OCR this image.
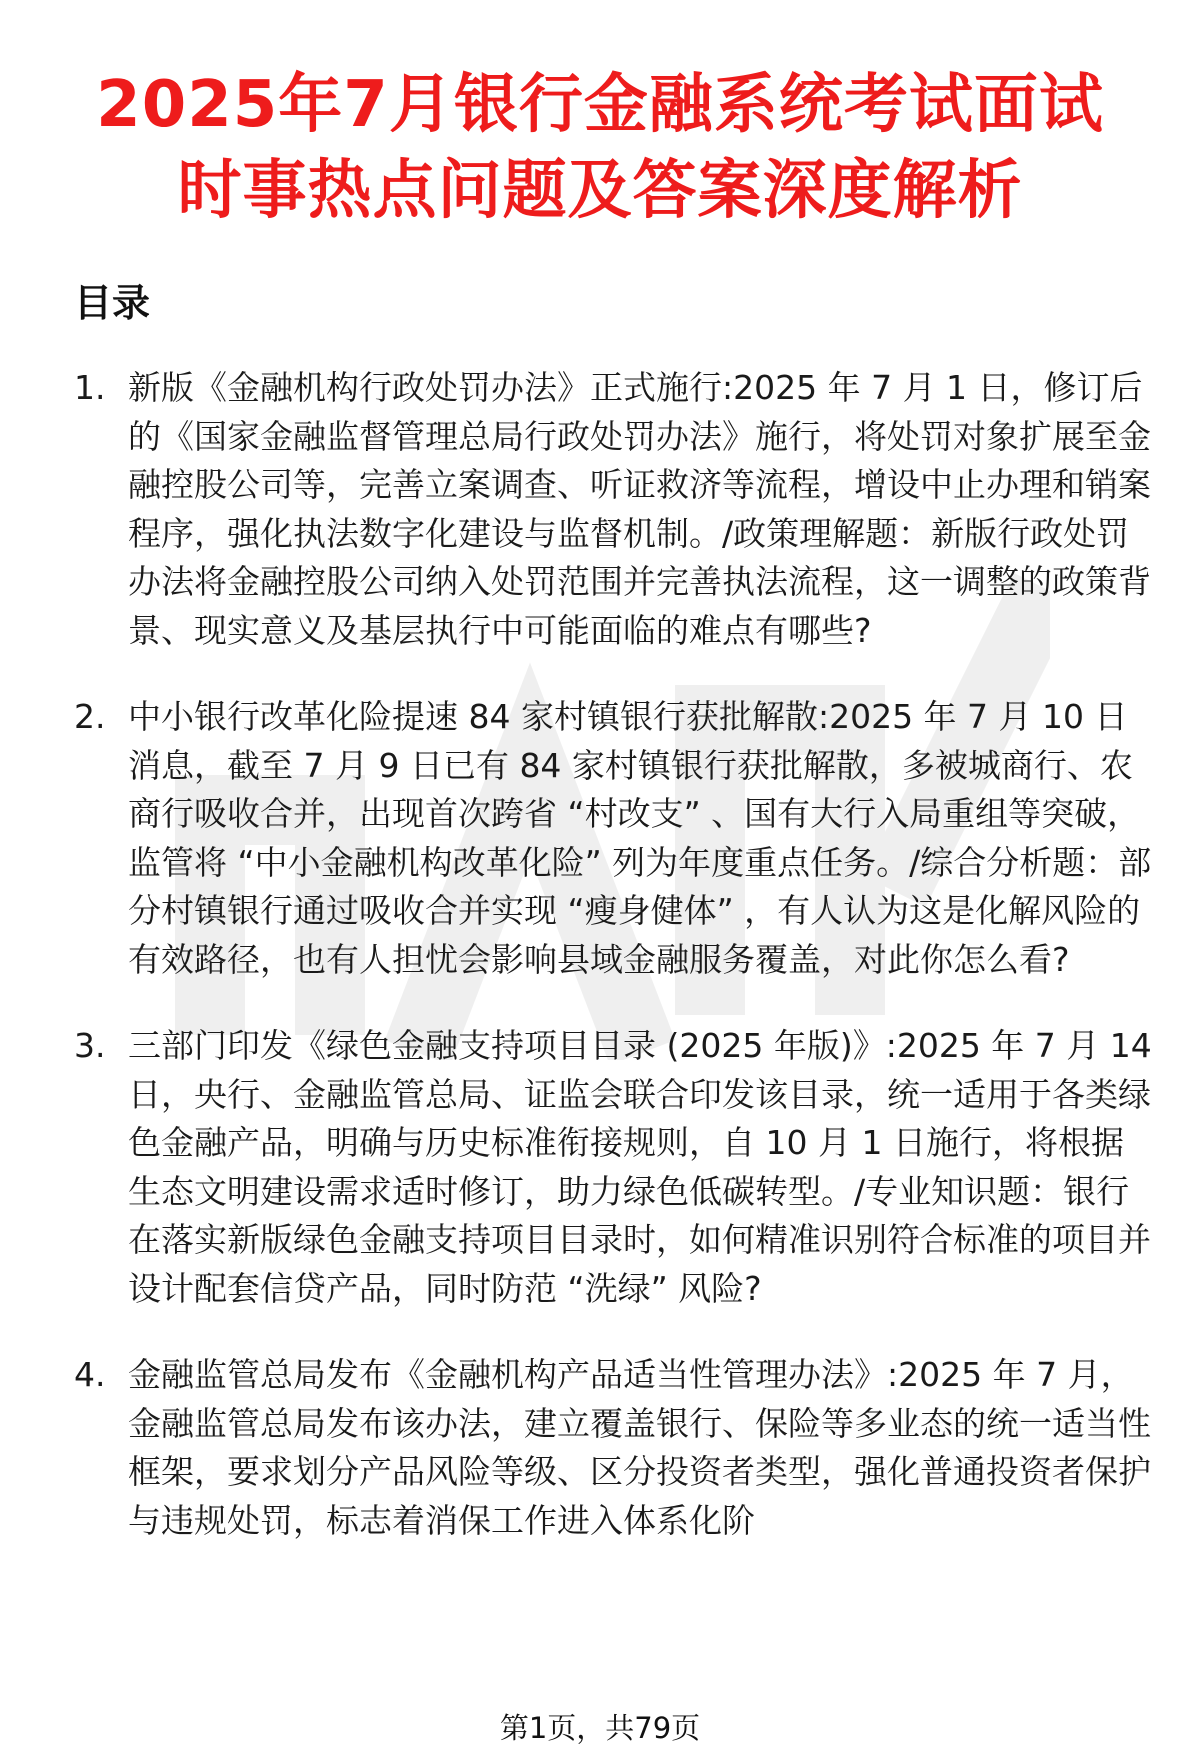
2025年7月银行金融系统考试面试
时事热点问题及答案深度解析
目录
1. 新版《金融机构行政处罚办法》正式施行:2025 年 7 月 1 日，修订后的《国家金融监督管理总局行政处罚办法》施行，将处罚对象扩展至金融控股公司等，完善立案调查、听证救济等流程，增设中止办理和销案程序，强化执法数字化建设与监督机制。/政策理解题：新版行政处罚办法将金融控股公司纳入处罚范围并完善执法流程，这一调整的政策背景、现实意义及基层执行中可能面临的难点有哪些?
2. 中小银行改革化险提速 84 家村镇银行获批解散:2025 年 7 月 10 日消息，截至 7 月 9 日已有 84 家村镇银行获批解散，多被城商行、农商行吸收合并，出现首次跨省 “村改支” 、国有大行入局重组等突破，监管将 “中小金融机构改革化险” 列为年度重点任务。/综合分析题：部分村镇银行通过吸收合并实现 “瘦身健体” ，有人认为这是化解风险的有效路径，也有人担忧会影响县域金融服务覆盖，对此你怎么看?
3. 三部门印发《绿色金融支持项目目录 (2025 年版)》:2025 年 7 月 14 日，央行、金融监管总局、证监会联合印发该目录，统一适用于各类绿色金融产品，明确与历史标准衔接规则，自 10 月 1 日施行，将根据生态文明建设需求适时修订，助力绿色低碳转型。/专业知识题：银行在落实新版绿色金融支持项目目录时，如何精准识别符合标准的项目并设计配套信贷产品，同时防范 “洗绿” 风险?
4. 金融监管总局发布《金融机构产品适当性管理办法》:2025 年 7 月，金融监管总局发布该办法，建立覆盖银行、保险等多业态的统一适当性框架，要求划分产品风险等级、区分投资者类型，强化普通投资者保护与违规处罚，标志着消保工作进入体系化阶
第1页，共79页
